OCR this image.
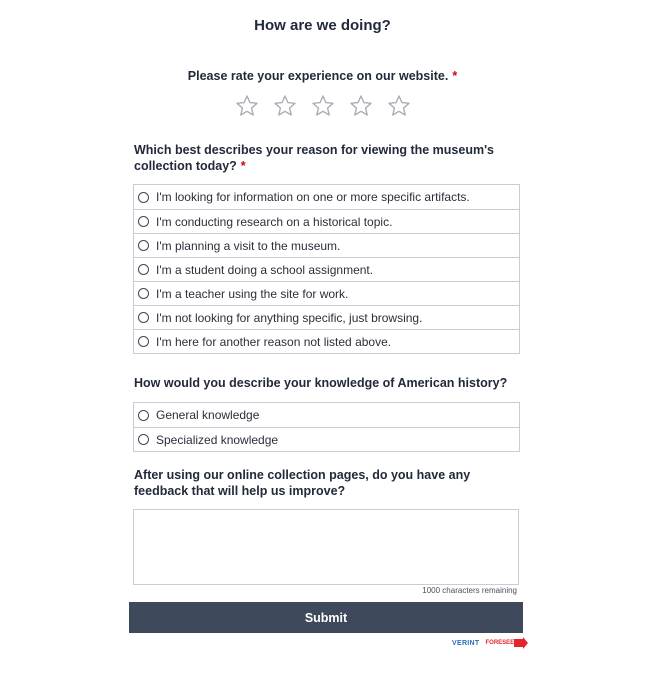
How are we doing?
Please rate your experience on our website. *
Which best describes your reason for viewing the museum's collection today? *
I'm looking for information on one or more specific artifacts.
I'm conducting research on a historical topic.
I'm planning a visit to the museum.
I'm a student doing a school assignment.
I'm a teacher using the site for work.
I'm not looking for anything specific, just browsing.
I'm here for another reason not listed above.
How would you describe your knowledge of American history?
General knowledge
Specialized knowledge
After using our online collection pages, do you have any feedback that will help us improve?
1000 characters remaining
Submit
VERINT FORESEE
